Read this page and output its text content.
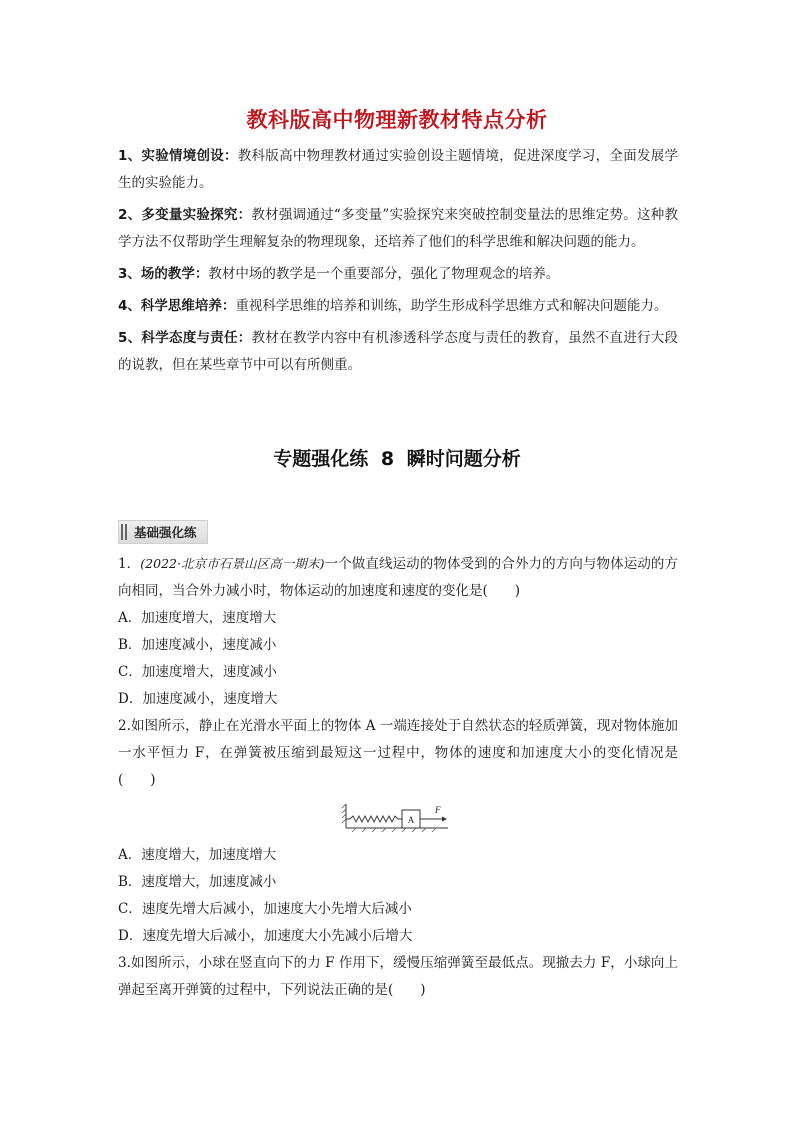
教科版高中物理新教材特点分析

1、实验情境创设：教科版高中物理教材通过实验创设主题情境，促进深度学习，全面发展学生的实验能力。

2、多变量实验探究：教材强调通过“多变量”实验探究来突破控制变量法的思维定势。这种教学方法不仅帮助学生理解复杂的物理现象，还培养了他们的科学思维和解决问题的能力。

3、场的教学：教材中场的教学是一个重要部分，强化了物理观念的培养。

4、科学思维培养：重视科学思维的培养和训练，助学生形成科学思维方式和解决问题能力。

5、科学态度与责任：教材在教学内容中有机渗透科学态度与责任的教育，虽然不直进行大段的说教，但在某些章节中可以有所侧重。

专题强化练 8 瞬时问题分析
基础强化练

1．(2022·北京市石景山区高一期末)一个做直线运动的物体受到的合外力的方向与物体运动的方向相同，当合外力减小时，物体运动的加速度和速度的变化是(　　)

A．加速度增大，速度增大

B．加速度减小，速度减小

C．加速度增大，速度减小

D．加速度减小，速度增大

2.如图所示，静止在光滑水平面上的物体 A 一端连接处于自然状态的轻质弹簧，现对物体施加一水平恒力 F，在弹簧被压缩到最短这一过程中，物体的速度和加速度大小的变化情况是(　　)

A
F

A．速度增大，加速度增大

B．速度增大，加速度减小

C．速度先增大后减小，加速度大小先增大后减小

D．速度先增大后减小，加速度大小先减小后增大

3.如图所示，小球在竖直向下的力 F 作用下，缓慢压缩弹簧至最低点。现撤去力 F，小球向上弹起至离开弹簧的过程中，下列说法正确的是(　　)
